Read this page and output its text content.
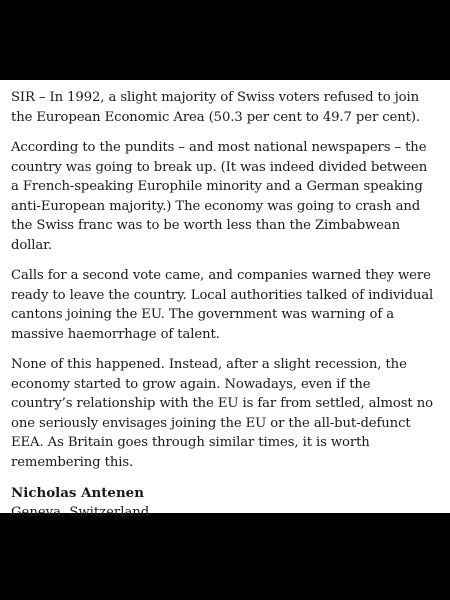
SIR – In 1992, a slight majority of Swiss voters refused to join the European Economic Area (50.3 per cent to 49.7 per cent).

According to the pundits – and most national newspapers – the country was going to break up. (It was indeed divided between a French-speaking Europhile minority and a German speaking anti-European majority.) The economy was going to crash and the Swiss franc was to be worth less than the Zimbabwean dollar.

Calls for a second vote came, and companies warned they were ready to leave the country. Local authorities talked of individual cantons joining the EU. The government was warning of a massive haemorrhage of talent.

None of this happened. Instead, after a slight recession, the economy started to grow again. Nowadays, even if the country’s relationship with the EU is far from settled, almost no one seriously envisages joining the EU or the all-but-defunct EEA. As Britain goes through similar times, it is worth remembering this.

Nicholas Antenen

Geneva, Switzerland
